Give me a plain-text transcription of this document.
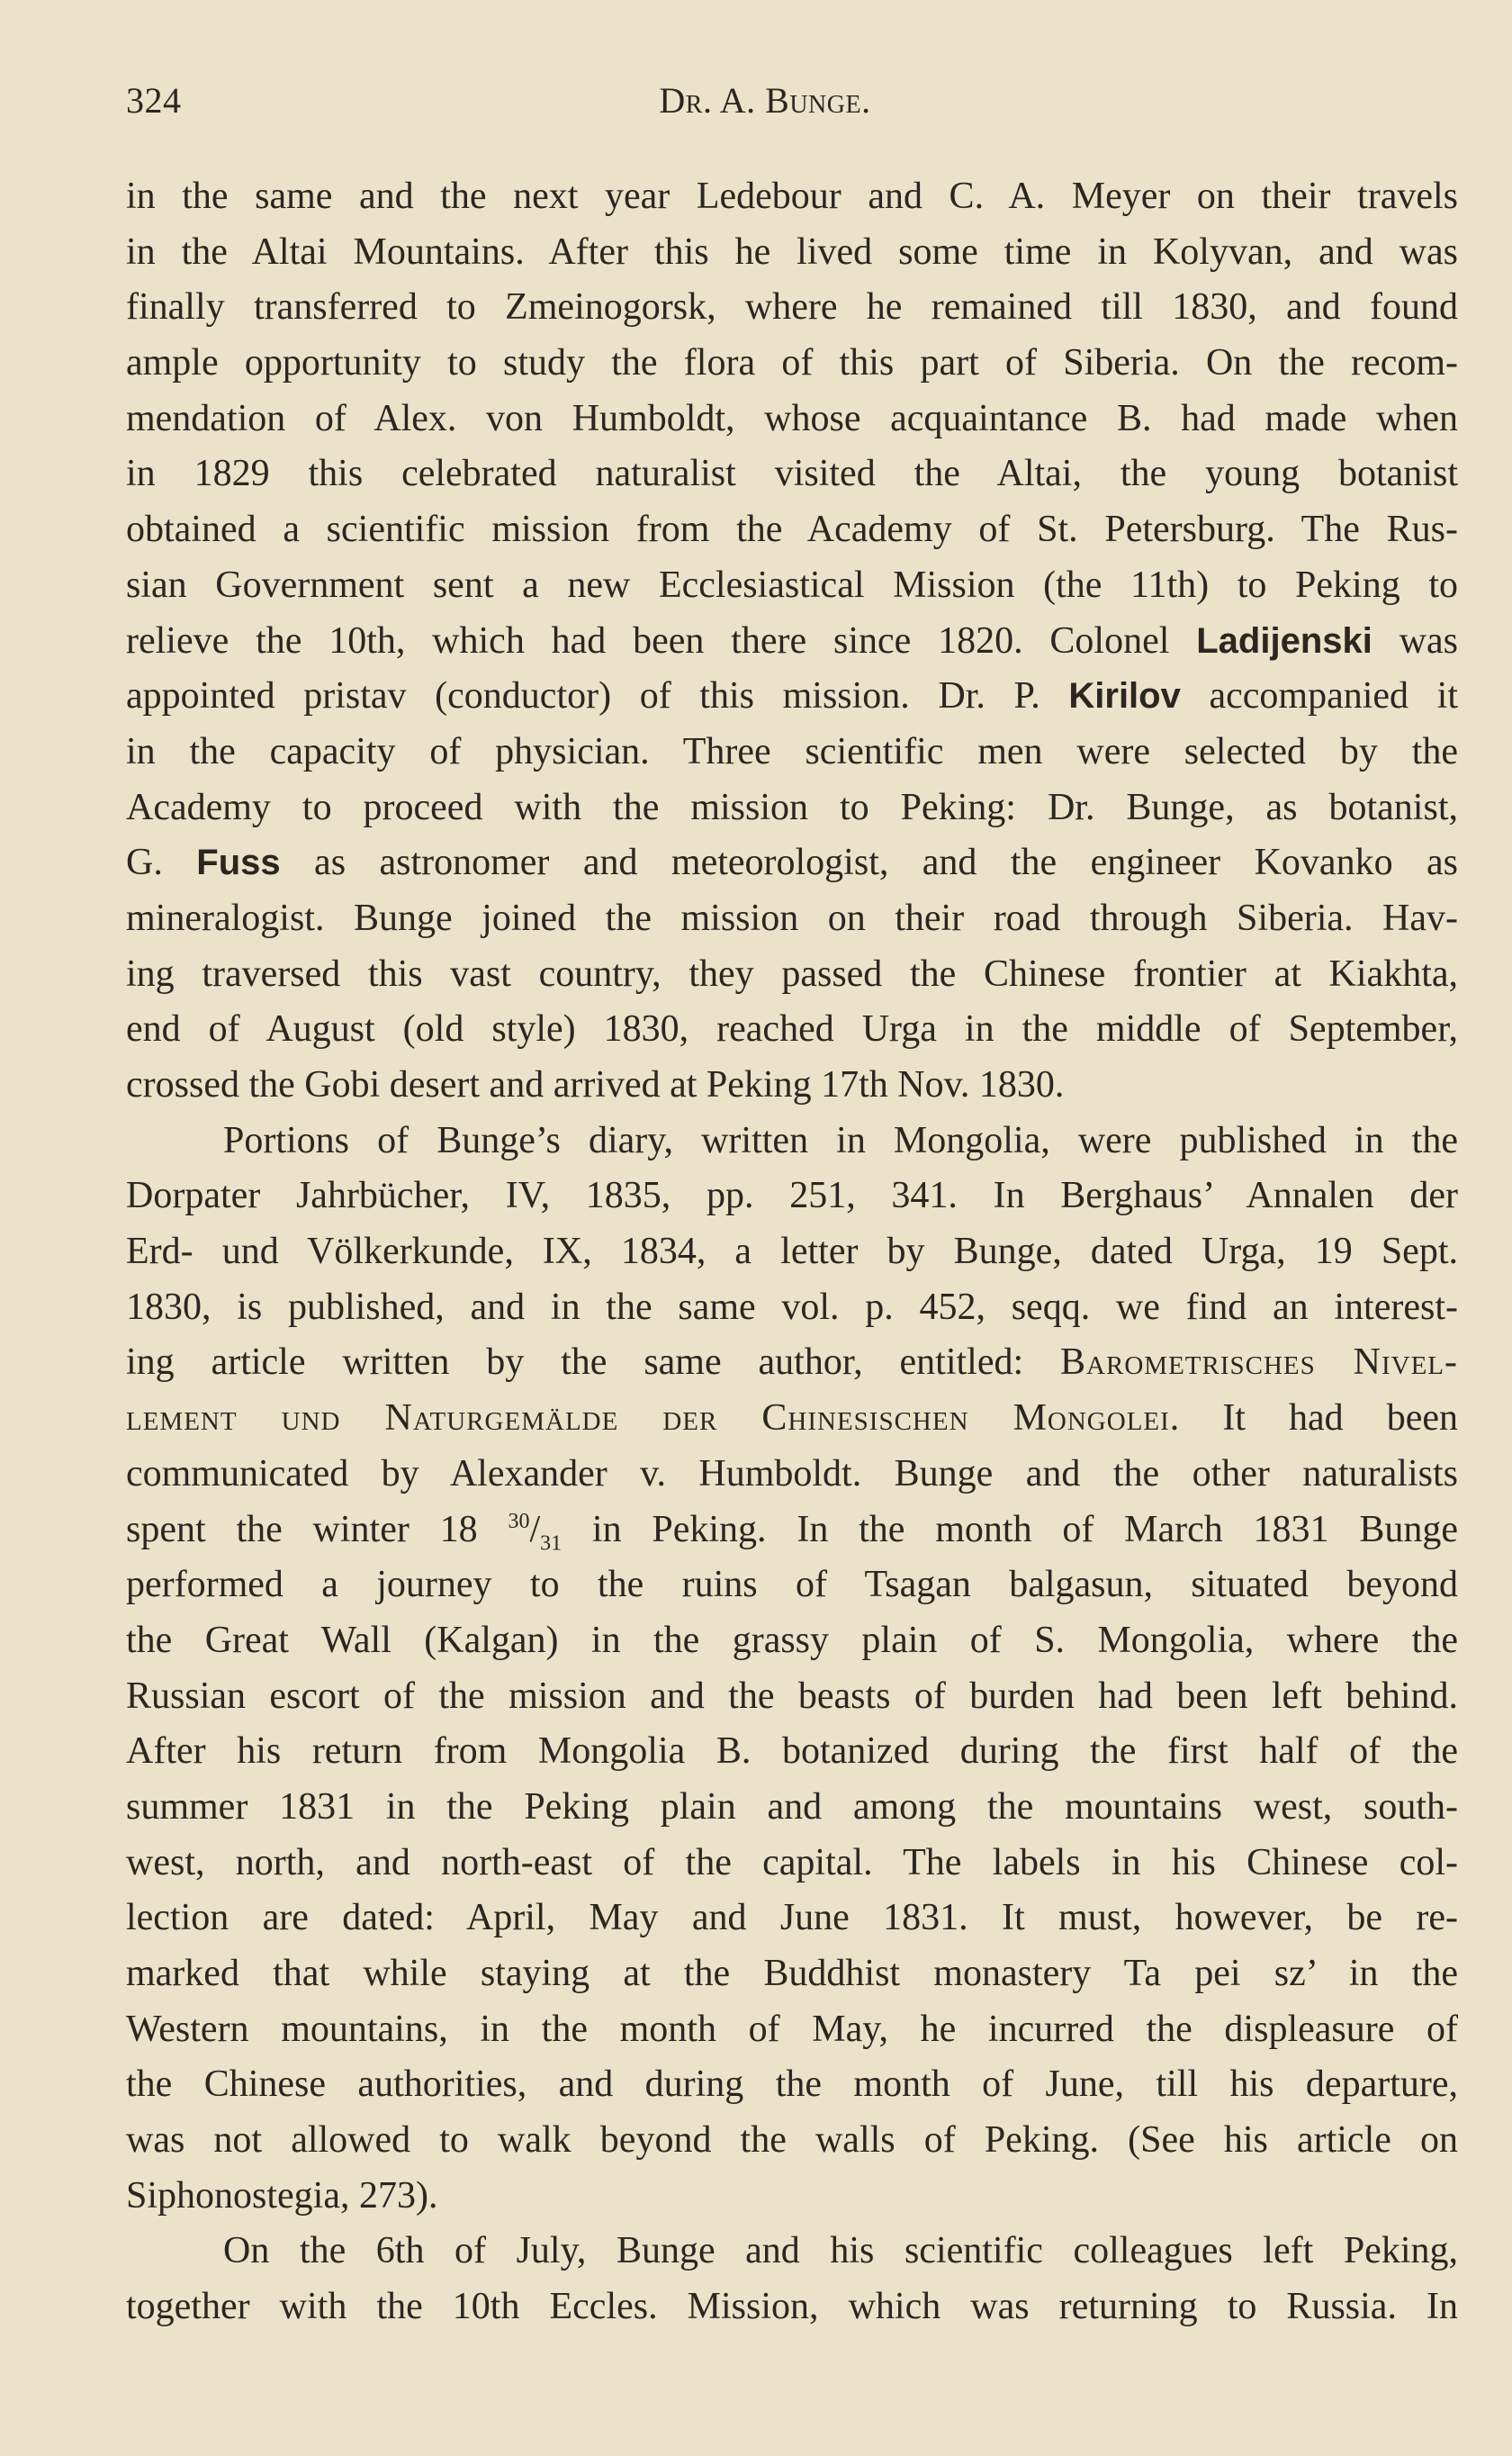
324	Dr. A. Bunge.
in the same and the next year Ledebour and C. A. Meyer on their travels
in the Altai Mountains. After this he lived some time in Kolyvan, and was
finally transferred to Zmeinogorsk, where he remained till 1830, and found
ample opportunity to study the flora of this part of Siberia. On the recom-
mendation of Alex. von Humboldt, whose acquaintance B. had made when
in 1829 this celebrated naturalist visited the Altai, the young botanist
obtained a scientific mission from the Academy of St. Petersburg. The Rus-
sian Government sent a new Ecclesiastical Mission (the 11th) to Peking to
relieve the 10th, which had been there since 1820. Colonel Ladijenski was
appointed pristav (conductor) of this mission. Dr. P. Kirilov accompanied it
in the capacity of physician. Three scientific men were selected by the
Academy to proceed with the mission to Peking: Dr. Bunge, as botanist,
G. Fuss as astronomer and meteorologist, and the engineer Kovanko as
mineralogist. Bunge joined the mission on their road through Siberia. Hav-
ing traversed this vast country, they passed the Chinese frontier at Kiakhta,
end of August (old style) 1830, reached Urga in the middle of September,
crossed the Gobi desert and arrived at Peking 17th Nov. 1830.
Portions of Bunge’s diary, written in Mongolia, were published in the
Dorpater Jahrbücher, IV, 1835, pp. 251, 341. In Berghaus’ Annalen der
Erd- und Völkerkunde, IX, 1834, a letter by Bunge, dated Urga, 19 Sept.
1830, is published, and in the same vol. p. 452, seqq. we find an interest-
ing article written by the same author, entitled: Barometrisches Nivel-
lement und Naturgemälde der Chinesischen Mongolei. It had been
communicated by Alexander v. Humboldt. Bunge and the other naturalists
spent the winter 18 $^{30}/_{31}$ in Peking. In the month of March 1831 Bunge
performed a journey to the ruins of Tsagan balgasun, situated beyond
the Great Wall (Kalgan) in the grassy plain of S. Mongolia, where the
Russian escort of the mission and the beasts of burden had been left behind.
After his return from Mongolia B. botanized during the first half of the
summer 1831 in the Peking plain and among the mountains west, south-
west, north, and north-east of the capital. The labels in his Chinese col-
lection are dated: April, May and June 1831. It must, however, be re-
marked that while staying at the Buddhist monastery Ta pei sz’ in the
Western mountains, in the month of May, he incurred the displeasure of
the Chinese authorities, and during the month of June, till his departure,
was not allowed to walk beyond the walls of Peking. (See his article on
Siphonostegia, 273).
On the 6th of July, Bunge and his scientific colleagues left Peking,
together with the 10th Eccles. Mission, which was returning to Russia. In
